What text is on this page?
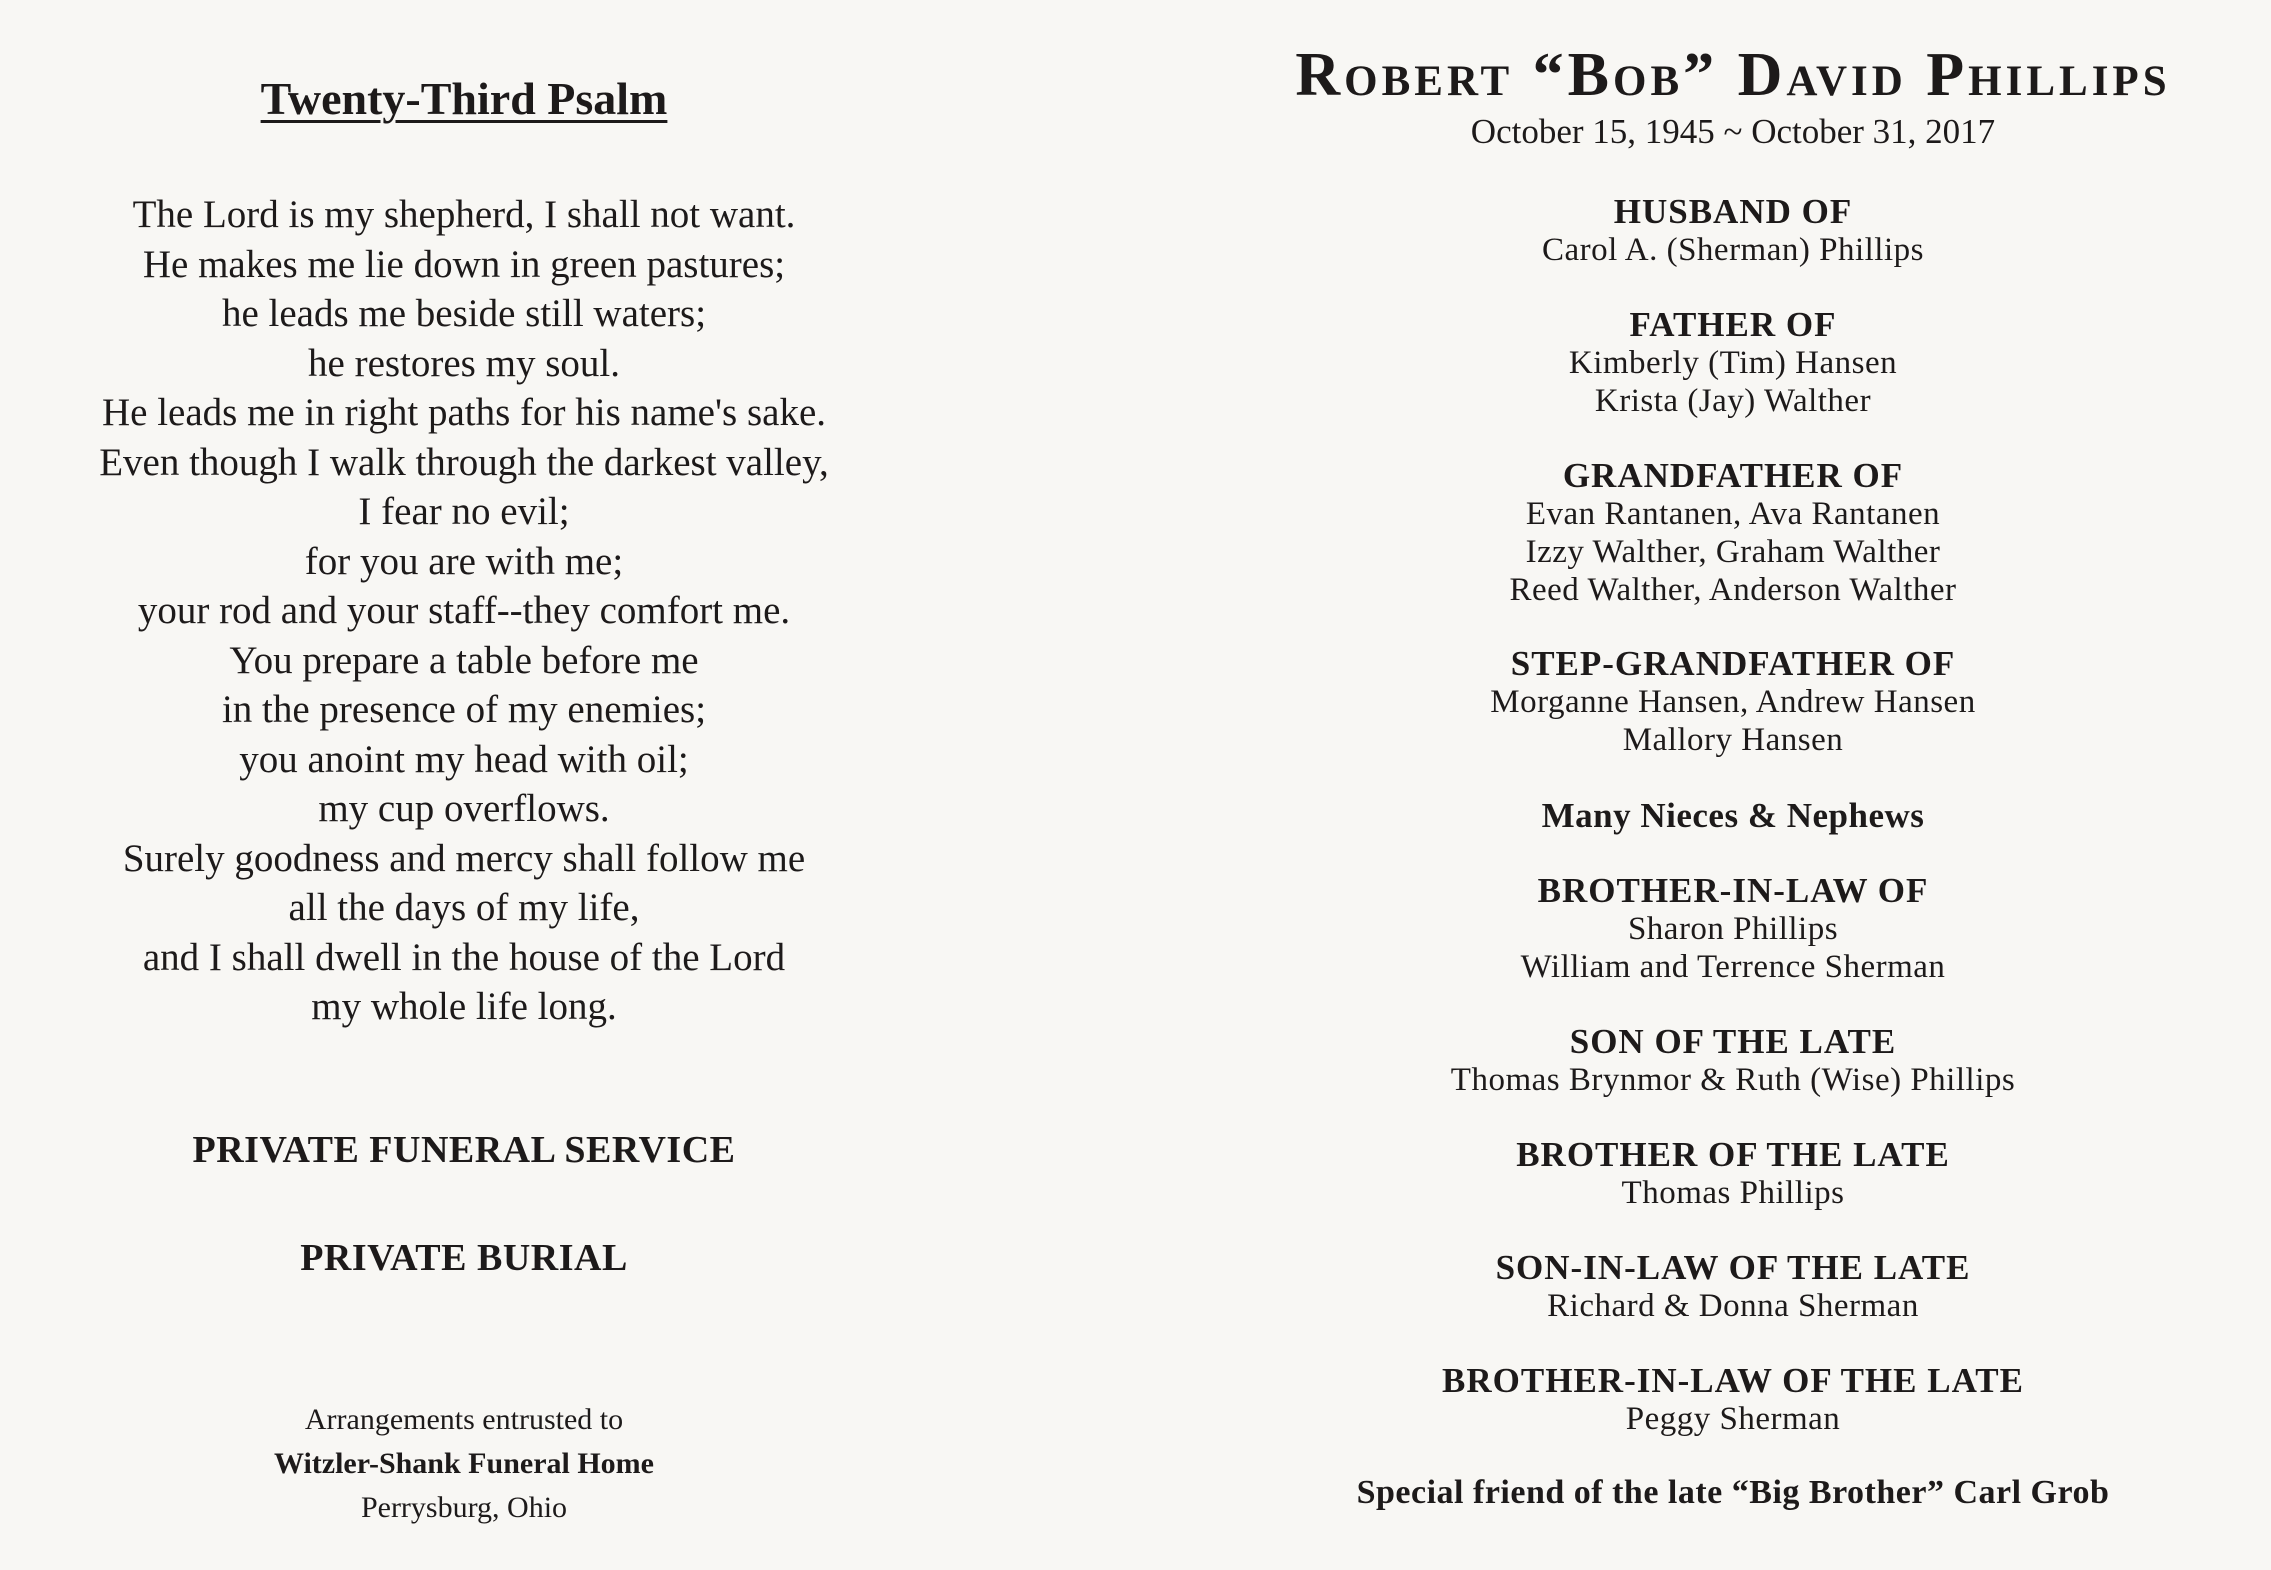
Twenty-Third Psalm
The Lord is my shepherd, I shall not want.
He makes me lie down in green pastures;
he leads me beside still waters;
he restores my soul.
He leads me in right paths for his name's sake.
Even though I walk through the darkest valley,
I fear no evil;
for you are with me;
your rod and your staff--they comfort me.
You prepare a table before me
in the presence of my enemies;
you anoint my head with oil;
my cup overflows.
Surely goodness and mercy shall follow me
all the days of my life,
and I shall dwell in the house of the Lord
my whole life long.
PRIVATE FUNERAL SERVICE
PRIVATE BURIAL
Arrangements entrusted to
Witzler-Shank Funeral Home
Perrysburg, Ohio
Robert “Bob” David Phillips
October 15, 1945 ~ October 31, 2017
HUSBAND OF
Carol A. (Sherman) Phillips
FATHER OF
Kimberly (Tim) Hansen
Krista (Jay) Walther
GRANDFATHER OF
Evan Rantanen, Ava Rantanen
Izzy Walther, Graham Walther
Reed Walther, Anderson Walther
STEP-GRANDFATHER OF
Morganne Hansen, Andrew Hansen
Mallory Hansen
Many Nieces & Nephews
BROTHER-IN-LAW OF
Sharon Phillips
William and Terrence Sherman
SON OF THE LATE
Thomas Brynmor & Ruth (Wise) Phillips
BROTHER OF THE LATE
Thomas Phillips
SON-IN-LAW OF THE LATE
Richard & Donna Sherman
BROTHER-IN-LAW OF THE LATE
Peggy Sherman
Special friend of the late “Big Brother” Carl Grob
